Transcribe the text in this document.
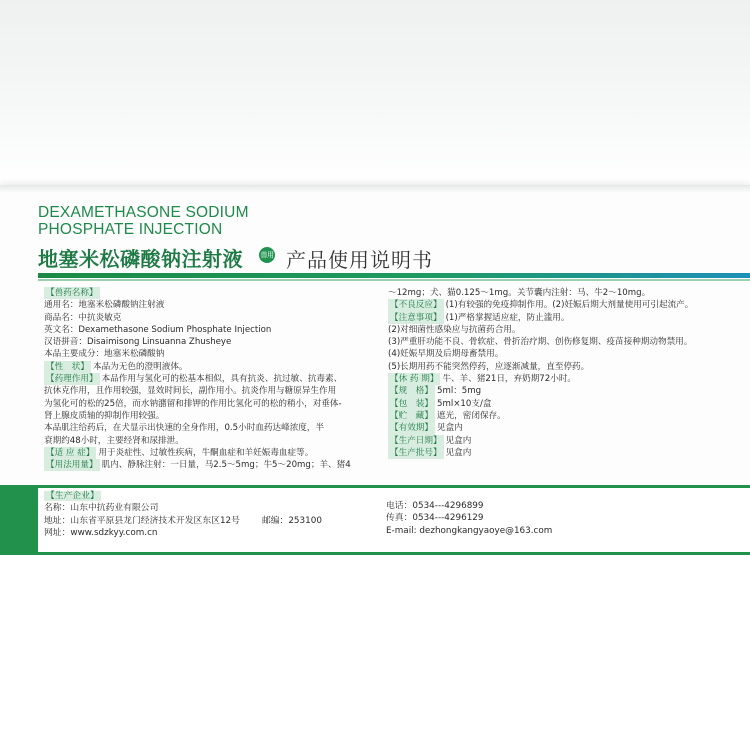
DEXAMETHASONE SODIUM
PHOSPHATE INJECTION
地塞米松磷酸钠注射液	兽用 产品使用说明书
【兽药名称】
通用名：地塞米松磷酸钠注射液
商品名：中抗炎敏克
英文名：Dexamethasone Sodium Phosphate Injection
汉语拼音：Disaimisong Linsuanna Zhusheye
本品主要成分：地塞米松磷酸钠
【性　状】 本品为无色的澄明液体。
【药理作用】 本品作用与氢化可的松基本相似，具有抗炎、抗过敏、抗毒素、
抗休克作用，且作用较强，显效时间长，副作用小。抗炎作用与糖原异生作用
为氢化可的松的25倍，而水钠潴留和排钾的作用比氢化可的松的稍小，对垂体-
肾上腺皮质轴的抑制作用较强。
本品肌注给药后，在犬显示出快速的全身作用，0.5小时血药达峰浓度，半
衰期约48小时，主要经肾和尿排泄。
【适 应 症】 用于炎症性、过敏性疾病，牛酮血症和羊妊娠毒血症等。
【用法用量】 肌内、静脉注射：一日量，马2.5～5mg；牛5～20mg；羊、猪4
～12mg；犬、猫0.125～1mg。关节囊内注射：马、牛2～10mg。
【不良反应】 (1)有较强的免疫抑制作用。(2)妊娠后期大剂量使用可引起流产。
【注意事项】 (1)严格掌握适应症，防止滥用。
(2)对细菌性感染应与抗菌药合用。
(3)严重肝功能不良、骨软症、骨折治疗期、创伤修复期、疫苗接种期动物禁用。
(4)妊娠早期及后期母畜禁用。
(5)长期用药不能突然停药，应逐渐减量，直至停药。
【休 药 期】 牛、羊、猪21日，弃奶期72小时。
【规　格】 5ml：5mg
【包　装】 5ml×10支/盒
【贮　藏】 遮光，密闭保存。
【有效期】 见盒内
【生产日期】 见盒内
【生产批号】 见盒内
【生产企业】
名称：山东中抗药业有限公司
地址：山东省平原县龙门经济技术开发区东区12号	邮编：253100
网址：www.sdzkyy.com.cn
电话：0534---4296899
传真：0534---4296129
E-mail: dezhongkangyaoye@163.com
